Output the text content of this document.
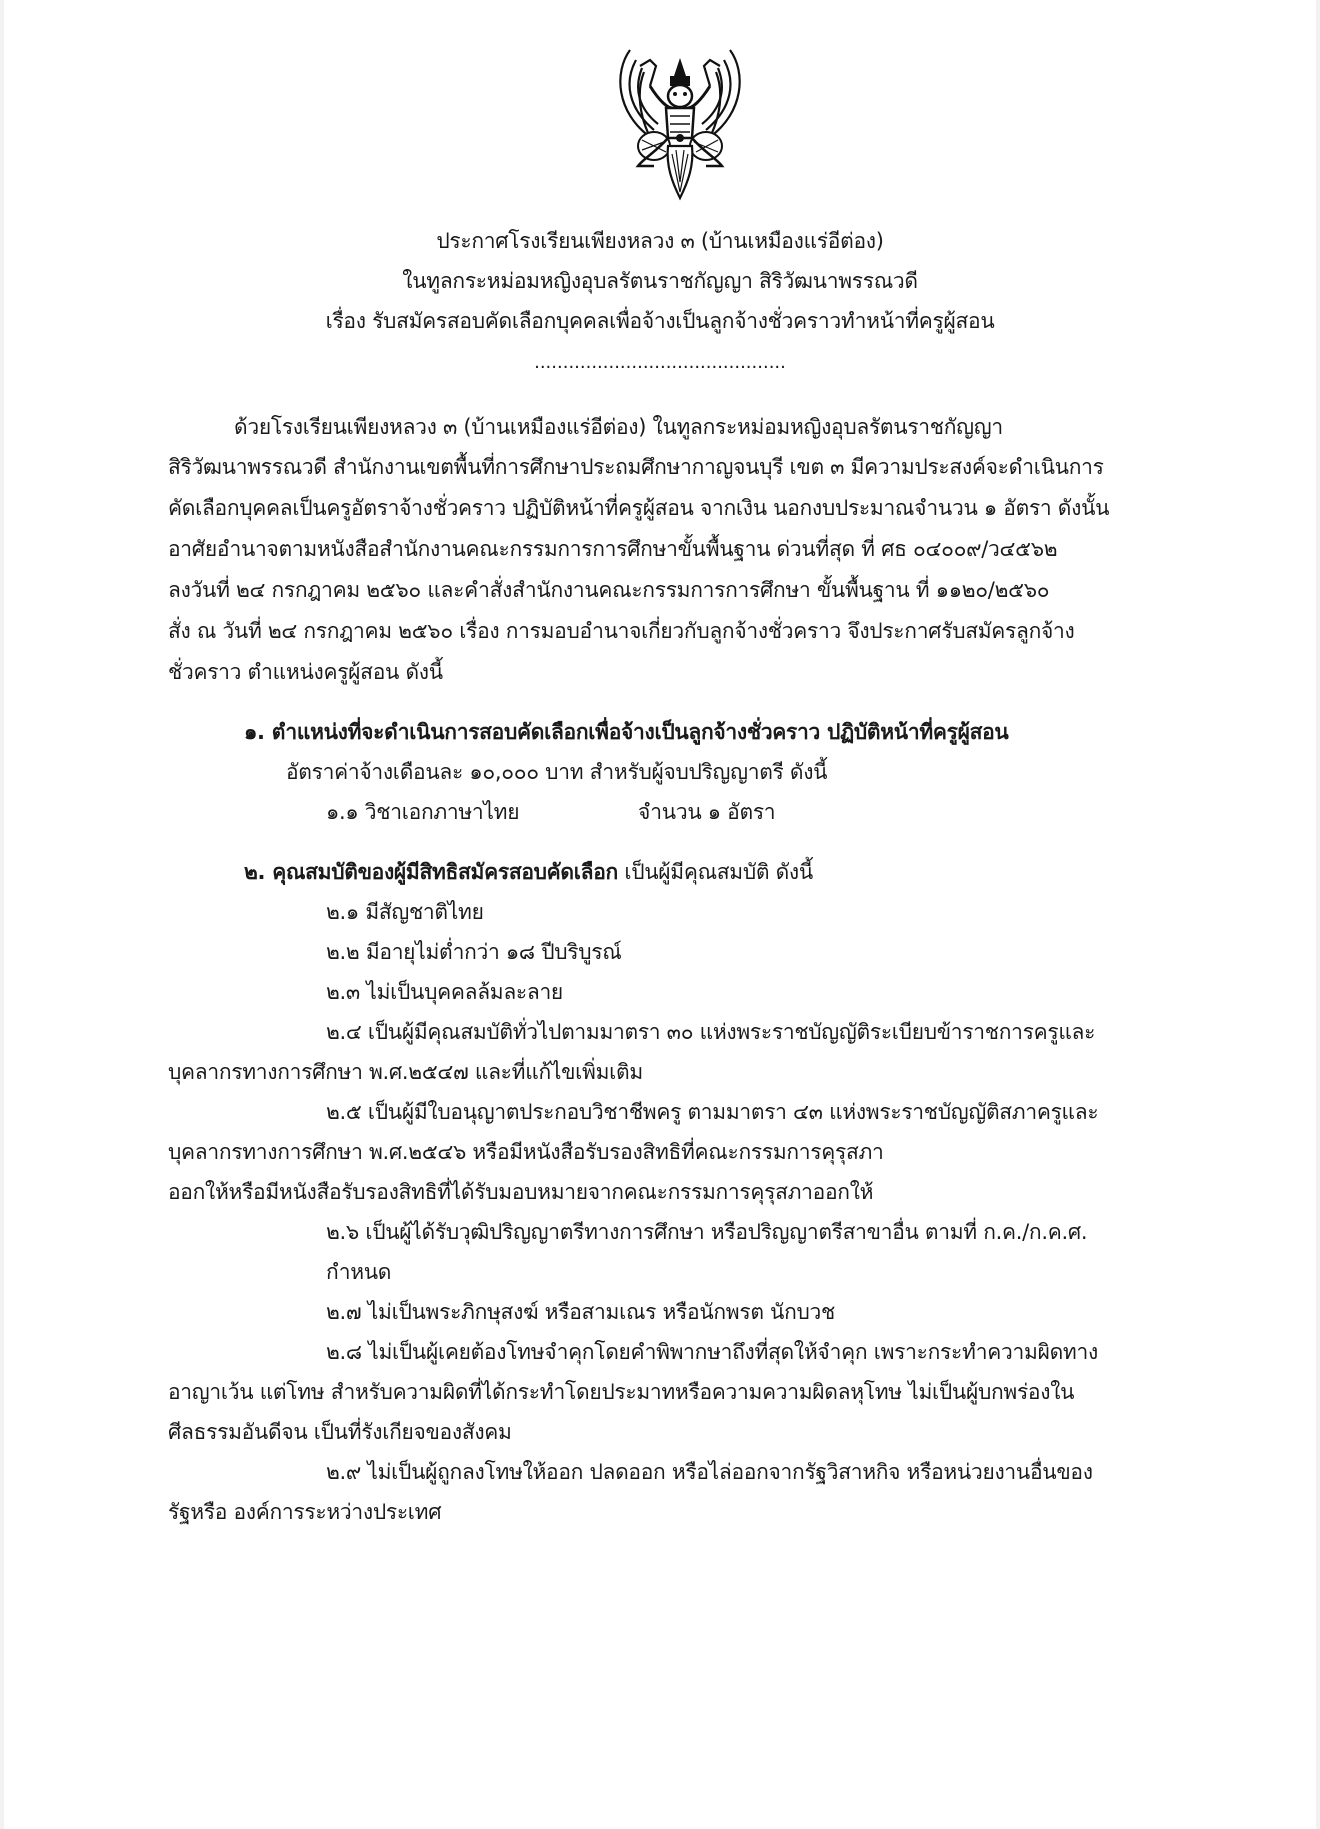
ประกาศโรงเรียนเพียงหลวง ๓ (บ้านเหมืองแร่อีต่อง)
ในทูลกระหม่อมหญิงอุบลรัตนราชกัญญา สิริวัฒนาพรรณวดี
เรื่อง รับสมัครสอบคัดเลือกบุคคลเพื่อจ้างเป็นลูกจ้างชั่วคราวทำหน้าที่ครูผู้สอน
............................................
ด้วยโรงเรียนเพียงหลวง ๓ (บ้านเหมืองแร่อีต่อง) ในทูลกระหม่อมหญิงอุบลรัตนราชกัญญา
สิริวัฒนาพรรณวดี สำนักงานเขตพื้นที่การศึกษาประถมศึกษากาญจนบุรี เขต ๓ มีความประสงค์จะดำเนินการ
คัดเลือกบุคคลเป็นครูอัตราจ้างชั่วคราว ปฏิบัติหน้าที่ครูผู้สอน จากเงิน นอกงบประมาณจำนวน ๑ อัตรา ดังนั้น
อาศัยอำนาจตามหนังสือสำนักงานคณะกรรมการการศึกษาขั้นพื้นฐาน ด่วนที่สุด ที่ ศธ ๐๔๐๐๙/ว๔๕๖๒
ลงวันที่ ๒๔ กรกฎาคม ๒๕๖๐ และคำสั่งสำนักงานคณะกรรมการการศึกษา ขั้นพื้นฐาน ที่ ๑๑๒๐/๒๕๖๐
สั่ง ณ วันที่ ๒๔ กรกฎาคม ๒๕๖๐ เรื่อง การมอบอำนาจเกี่ยวกับลูกจ้างชั่วคราว จึงประกาศรับสมัครลูกจ้าง
ชั่วคราว ตำแหน่งครูผู้สอน ดังนี้
๑. ตำแหน่งที่จะดำเนินการสอบคัดเลือกเพื่อจ้างเป็นลูกจ้างชั่วคราว ปฏิบัติหน้าที่ครูผู้สอน
อัตราค่าจ้างเดือนละ ๑๐,๐๐๐ บาท สำหรับผู้จบปริญญาตรี ดังนี้
๑.๑ วิชาเอกภาษาไทย	จำนวน ๑ อัตรา
๒. คุณสมบัติของผู้มีสิทธิสมัครสอบคัดเลือก เป็นผู้มีคุณสมบัติ ดังนี้
๒.๑ มีสัญชาติไทย
๒.๒ มีอายุไม่ต่ำกว่า ๑๘ ปีบริบูรณ์
๒.๓ ไม่เป็นบุคคลล้มละลาย
๒.๔ เป็นผู้มีคุณสมบัติทั่วไปตามมาตรา ๓๐ แห่งพระราชบัญญัติระเบียบข้าราชการครูและ
บุคลากรทางการศึกษา พ.ศ.๒๕๔๗ และที่แก้ไขเพิ่มเติม
๒.๕ เป็นผู้มีใบอนุญาตประกอบวิชาชีพครู ตามมาตรา ๔๓ แห่งพระราชบัญญัติสภาครูและ
บุคลากรทางการศึกษา พ.ศ.๒๕๔๖ หรือมีหนังสือรับรองสิทธิที่คณะกรรมการคุรุสภา
ออกให้หรือมีหนังสือรับรองสิทธิที่ได้รับมอบหมายจากคณะกรรมการคุรุสภาออกให้
๒.๖ เป็นผู้ได้รับวุฒิปริญญาตรีทางการศึกษา หรือปริญญาตรีสาขาอื่น ตามที่ ก.ค./ก.ค.ศ.
กำหนด
๒.๗ ไม่เป็นพระภิกษุสงฆ์ หรือสามเณร หรือนักพรต นักบวช
๒.๘ ไม่เป็นผู้เคยต้องโทษจำคุกโดยคำพิพากษาถึงที่สุดให้จำคุก เพราะกระทำความผิดทาง
อาญาเว้น แต่โทษ สำหรับความผิดที่ได้กระทำโดยประมาทหรือความความผิดลหุโทษ ไม่เป็นผู้บกพร่องใน
ศีลธรรมอันดีจน เป็นที่รังเกียจของสังคม
๒.๙ ไม่เป็นผู้ถูกลงโทษให้ออก ปลดออก หรือไล่ออกจากรัฐวิสาหกิจ หรือหน่วยงานอื่นของ
รัฐหรือ องค์การระหว่างประเทศ
